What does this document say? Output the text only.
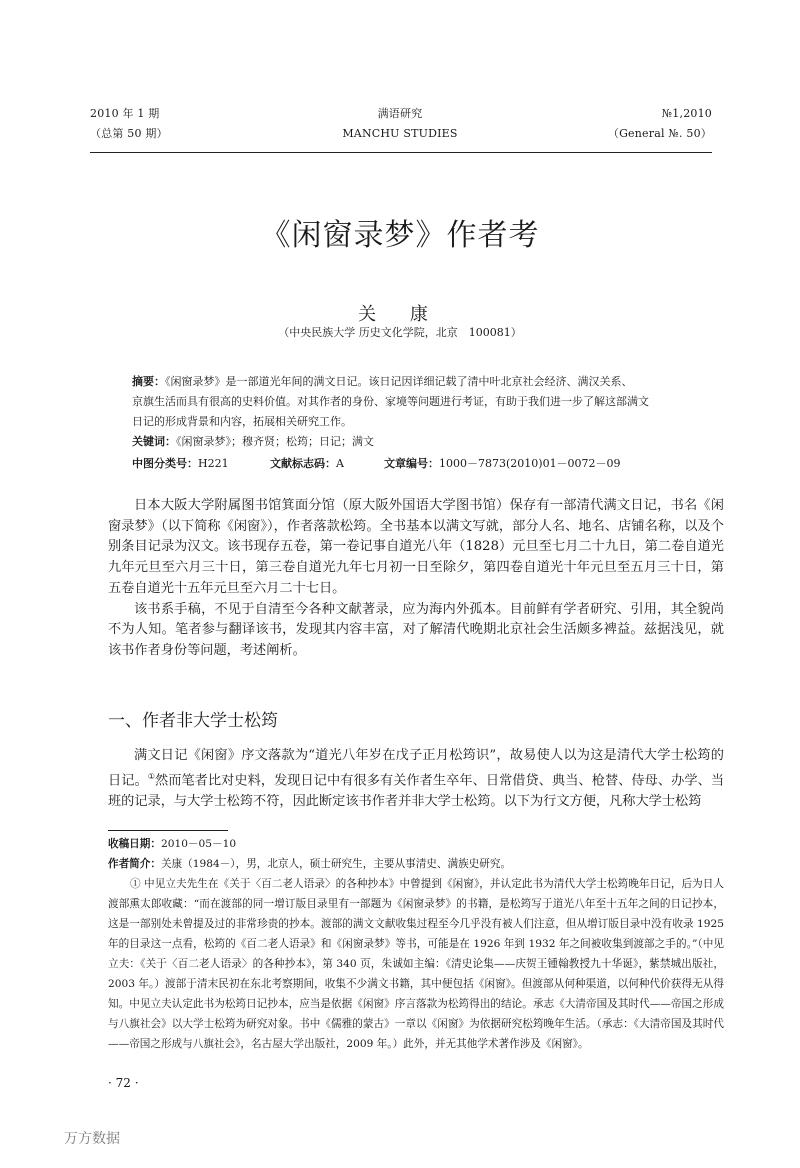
2010 年 1 期
（总第 50 期）
满语研究
MANCHU STUDIES
№1,2010
（General №. 50）
《闲窗录梦》作者考
关 康
（中央民族大学 历史文化学院，北京　100081）
摘要：《闲窗录梦》是一部道光年间的满文日记。该日记因详细记载了清中叶北京社会经济、满汉关系、
京旗生活而具有很高的史料价值。对其作者的身份、家境等问题进行考证，有助于我们进一步了解这部满文
日记的形成背景和内容，拓展相关研究工作。
关键词：《闲窗录梦》；穆齐贤；松筠；日记；满文
中图分类号：H221	文献标志码：A	文章编号：1000－7873(2010)01－0072－09

日本大阪大学附属图书馆箕面分馆（原大阪外国语大学图书馆）保存有一部清代满文日记，书名《闲窗录梦》（以下简称《闲窗》），作者落款松筠。全书基本以满文写就，部分人名、地名、店铺名称，以及个别条目记录为汉文。该书现存五卷，第一卷记事自道光八年（1828）元旦至七月二十九日，第二卷自道光九年元旦至六月三十日，第三卷自道光九年七月初一日至除夕，第四卷自道光十年元旦至五月三十日，第五卷自道光十五年元旦至六月二十七日。

该书系手稿，不见于自清至今各种文献著录，应为海内外孤本。目前鲜有学者研究、引用，其全貌尚不为人知。笔者参与翻译该书，发现其内容丰富，对了解清代晚期北京社会生活颇多裨益。兹据浅见，就该书作者身份等问题，考述阐析。

一、作者非大学士松筠

满文日记《闲窗》序文落款为“道光八年岁在戊子正月松筠识”，故易使人以为这是清代大学士松筠的日记。①然而笔者比对史料，发现日记中有很多有关作者生卒年、日常借贷、典当、枪替、侍母、办学、当班的记录，与大学士松筠不符，因此断定该书作者并非大学士松筠。以下为行文方便，凡称大学士松筠

收稿日期：2010－05－10

作者简介：关康（1984－），男，北京人，硕士研究生，主要从事清史、满族史研究。

① 中见立夫先生在《关于〈百二老人语录〉的各种抄本》中曾提到《闲窗》，并认定此书为清代大学士松筠晚年日记，后为日人渡部熏太郎收藏：“而在渡部的同一增订版目录里有一部题为《闲窗录梦》的书籍，是松筠写于道光八年至十五年之间的日记抄本，这是一部别处未曾提及过的非常珍贵的抄本。渡部的满文文献收集过程至今几乎没有被人们注意，但从增订版目录中没有收录 1925 年的目录这一点看，松筠的《百二老人语录》和《闲窗录梦》等书，可能是在 1926 年到 1932 年之间被收集到渡部之手的。”（中见立夫：《关于〈百二老人语录〉的各种抄本》，第 340 页，朱诚如主编：《清史论集——庆贺王锺翰教授九十华诞》，紫禁城出版社，2003 年。）渡部于清末民初在东北考察期间，收集不少满文书籍，其中便包括《闲窗》。但渡部从何种渠道，以何种代价获得无从得知。中见立夫认定此书为松筠日记抄本，应当是依据《闲窗》序言落款为松筠得出的结论。承志《大清帝国及其时代——帝国之形成与八旗社会》以大学士松筠为研究对象。书中《儒雅的蒙古》一章以《闲窗》为依据研究松筠晚年生活。（承志：《大清帝国及其时代——帝国之形成与八旗社会》，名古屋大学出版社，2009 年。）此外，并无其他学术著作涉及《闲窗》。

· 72 ·
万方数据
